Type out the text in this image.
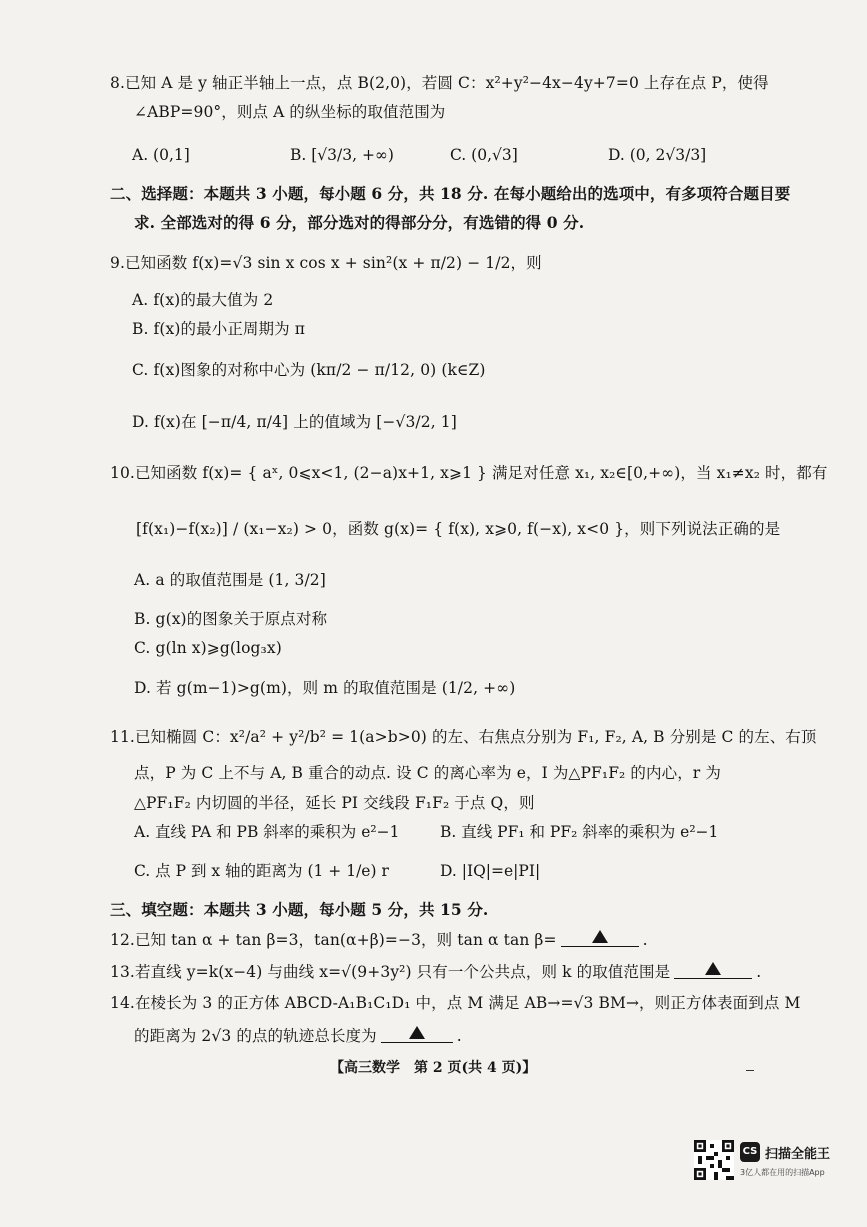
8.已知 A 是 y 轴正半轴上一点，点 B(2,0)，若圆 C：x²+y²−4x−4y+7=0 上存在点 P，使得
∠ABP=90°，则点 A 的纵坐标的取值范围为
A. (0,1]	B. [√3/3, +∞)	C. (0,√3]	D. (0, 2√3/3]
二、选择题：本题共 3 小题，每小题 6 分，共 18 分. 在每小题给出的选项中，有多项符合题目要
求. 全部选对的得 6 分，部分选对的得部分分，有选错的得 0 分.
9.已知函数 f(x)=√3 sin x cos x + sin²(x + π/2) − 1/2，则
A. f(x)的最大值为 2
B. f(x)的最小正周期为 π
C. f(x)图象的对称中心为 (kπ/2 − π/12, 0) (k∈Z)
D. f(x)在 [−π/4, π/4] 上的值域为 [−√3/2, 1]
10.已知函数 f(x)= { aˣ, 0⩽x<1, (2−a)x+1, x⩾1 } 满足对任意 x₁, x₂∈[0,+∞)，当 x₁≠x₂ 时，都有
[f(x₁)−f(x₂)] / (x₁−x₂) > 0，函数 g(x)= { f(x), x⩾0, f(−x), x<0 }，则下列说法正确的是
A. a 的取值范围是 (1, 3/2]
B. g(x)的图象关于原点对称
C. g(ln x)⩾g(log₃x)
D. 若 g(m−1)>g(m)，则 m 的取值范围是 (1/2, +∞)
11.已知椭圆 C：x²/a² + y²/b² = 1(a>b>0) 的左、右焦点分别为 F₁, F₂, A, B 分别是 C 的左、右顶
点，P 为 C 上不与 A, B 重合的动点. 设 C 的离心率为 e，I 为△PF₁F₂ 的内心，r 为
△PF₁F₂ 内切圆的半径，延长 PI 交线段 F₁F₂ 于点 Q，则
A. 直线 PA 和 PB 斜率的乘积为 e²−1	B. 直线 PF₁ 和 PF₂ 斜率的乘积为 e²−1
C. 点 P 到 x 轴的距离为 (1 + 1/e) r	D. |IQ|=e|PI|
三、填空题：本题共 3 小题，每小题 5 分，共 15 分.
12.已知 tan α + tan β=3，tan(α+β)=−3，则 tan α tan β=	.
13.若直线 y=k(x−4) 与曲线 x=√(9+3y²) 只有一个公共点，则 k 的取值范围是	.
14.在棱长为 3 的正方体 ABCD-A₁B₁C₁D₁ 中，点 M 满足 AB→=√3 BM→，则正方体表面到点 M
的距离为 2√3 的点的轨迹总长度为	.
【高三数学　第 2 页(共 4 页)】
CS 扫描全能王
3亿人都在用的扫描App
